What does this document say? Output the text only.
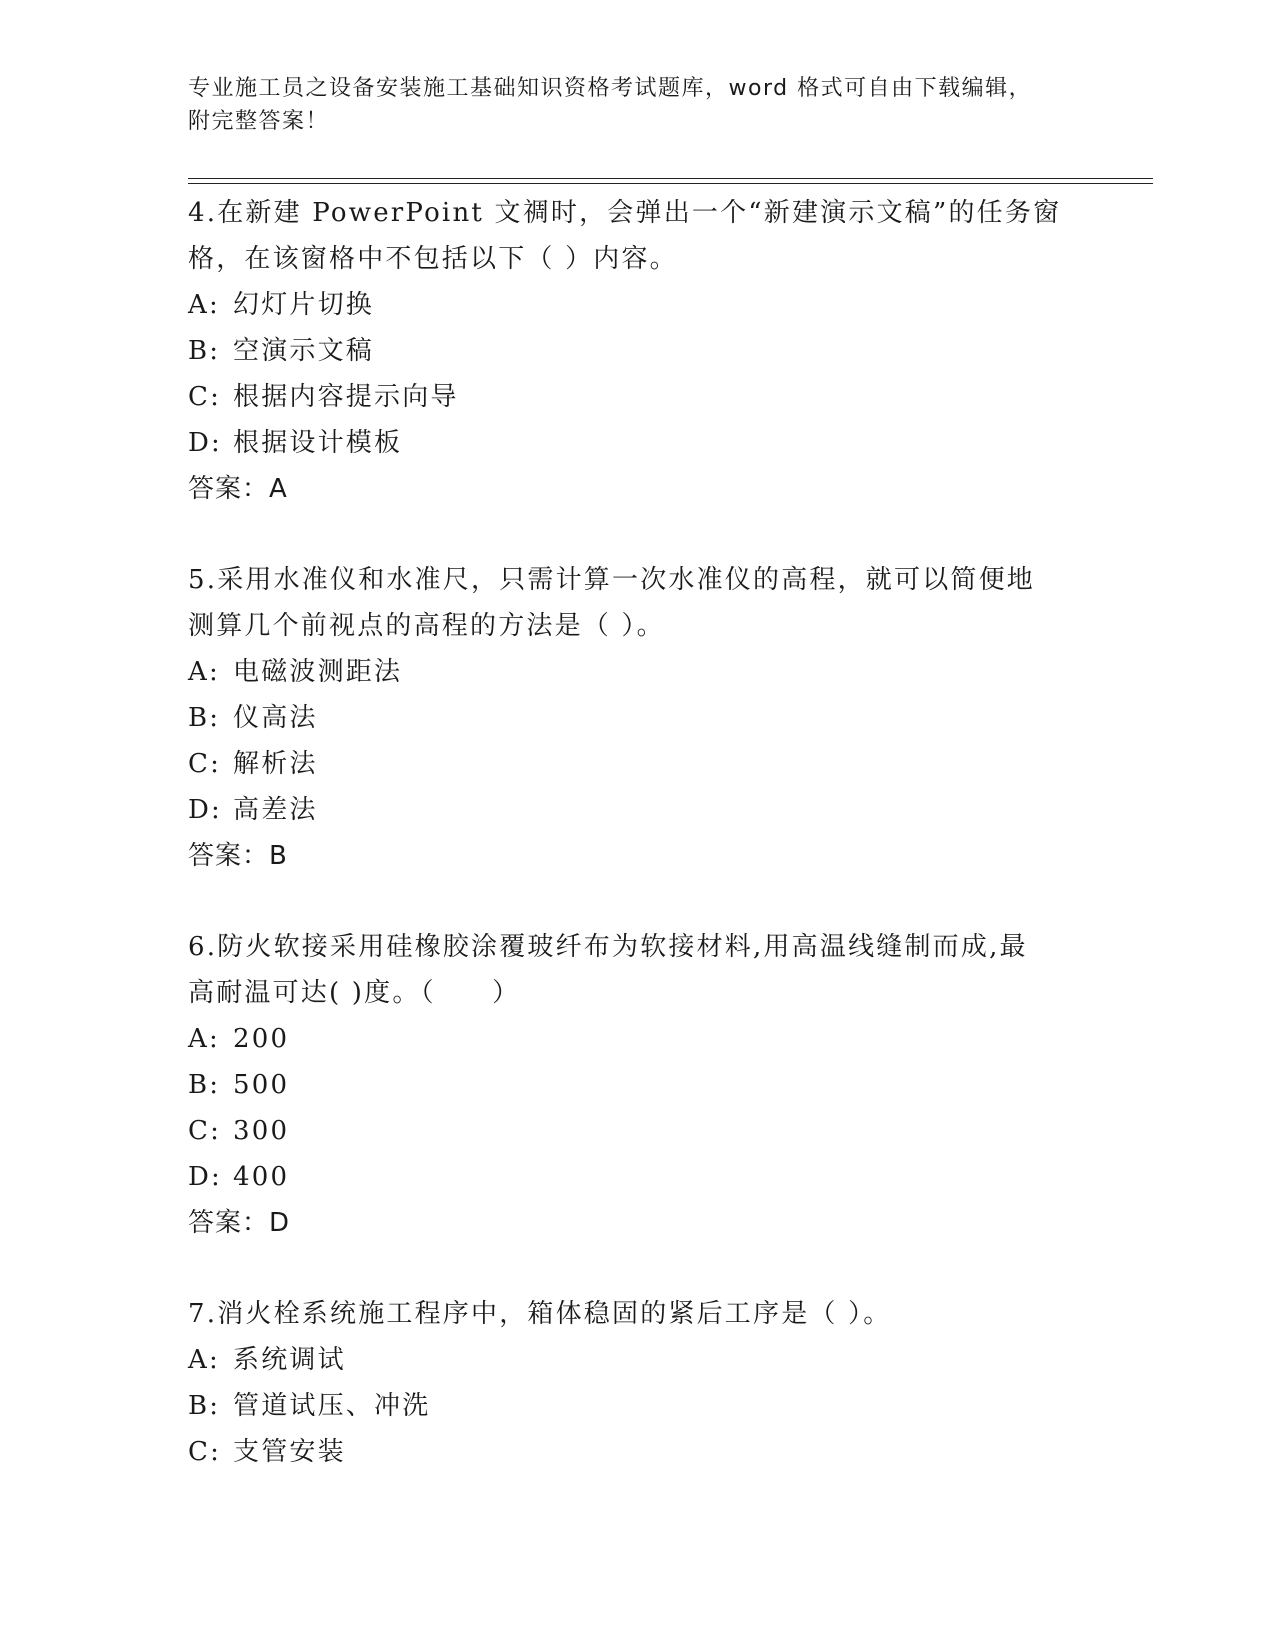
专业施工员之设备安装施工基础知识资格考试题库，word 格式可自由下载编辑，
附完整答案！
4.在新建 PowerPoint 文禂时，会弹出一个“新建演示文稿”的任务窗
格，在该窗格中不包括以下（ ）内容。
A: 幻灯片切换
B: 空演示文稿
C: 根据内容提示向导
D: 根据设计模板
答案：A
5.采用水准仪和水准尺，只需计算一次水准仪的高程，就可以简便地
测算几个前视点的高程的方法是（ ）。
A: 电磁波测距法
B: 仪高法
C: 解析法
D: 高差法
答案：B
6.防火软接采用硅橡胶涂覆玻纤布为软接材料,用高温线缝制而成,最
高耐温可达( )度。（　　）
A: 200
B: 500
C: 300
D: 400
答案：D
7.消火栓系统施工程序中，箱体稳固的紧后工序是（ ）。
A: 系统调试
B: 管道试压、冲洗
C: 支管安装
